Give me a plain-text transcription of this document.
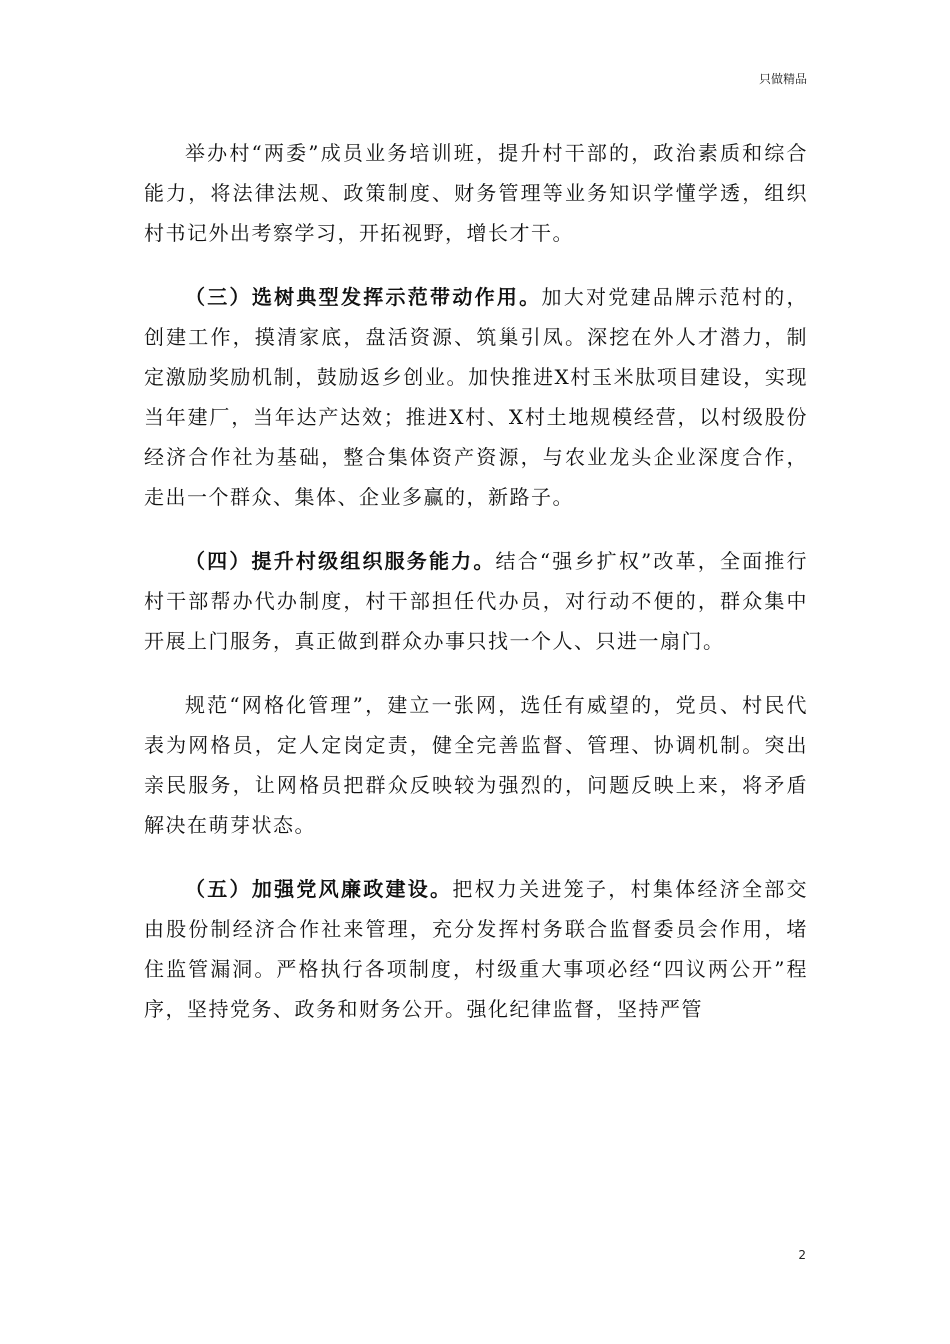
只做精品

举办村“两委”成员业务培训班，提升村干部的，政治素质和综合能力，将法律法规、政策制度、财务管理等业务知识学懂学透，组织村书记外出考察学习，开拓视野，增长才干。

（三）选树典型发挥示范带动作用。加大对党建品牌示范村的，创建工作，摸清家底，盘活资源、筑巢引凤。深挖在外人才潜力，制定激励奖励机制，鼓励返乡创业。加快推进X村玉米肽项目建设，实现当年建厂，当年达产达效；推进X村、X村土地规模经营，以村级股份经济合作社为基础，整合集体资产资源，与农业龙头企业深度合作，走出一个群众、集体、企业多赢的，新路子。

（四）提升村级组织服务能力。结合“强乡扩权”改革，全面推行村干部帮办代办制度，村干部担任代办员，对行动不便的，群众集中开展上门服务，真正做到群众办事只找一个人、只进一扇门。

规范“网格化管理”，建立一张网，选任有威望的，党员、村民代表为网格员，定人定岗定责，健全完善监督、管理、协调机制。突出亲民服务，让网格员把群众反映较为强烈的，问题反映上来，将矛盾解决在萌芽状态。

（五）加强党风廉政建设。把权力关进笼子，村集体经济全部交由股份制经济合作社来管理，充分发挥村务联合监督委员会作用，堵住监管漏洞。严格执行各项制度，村级重大事项必经“四议两公开”程序，坚持党务、政务和财务公开。强化纪律监督，坚持严管

2
